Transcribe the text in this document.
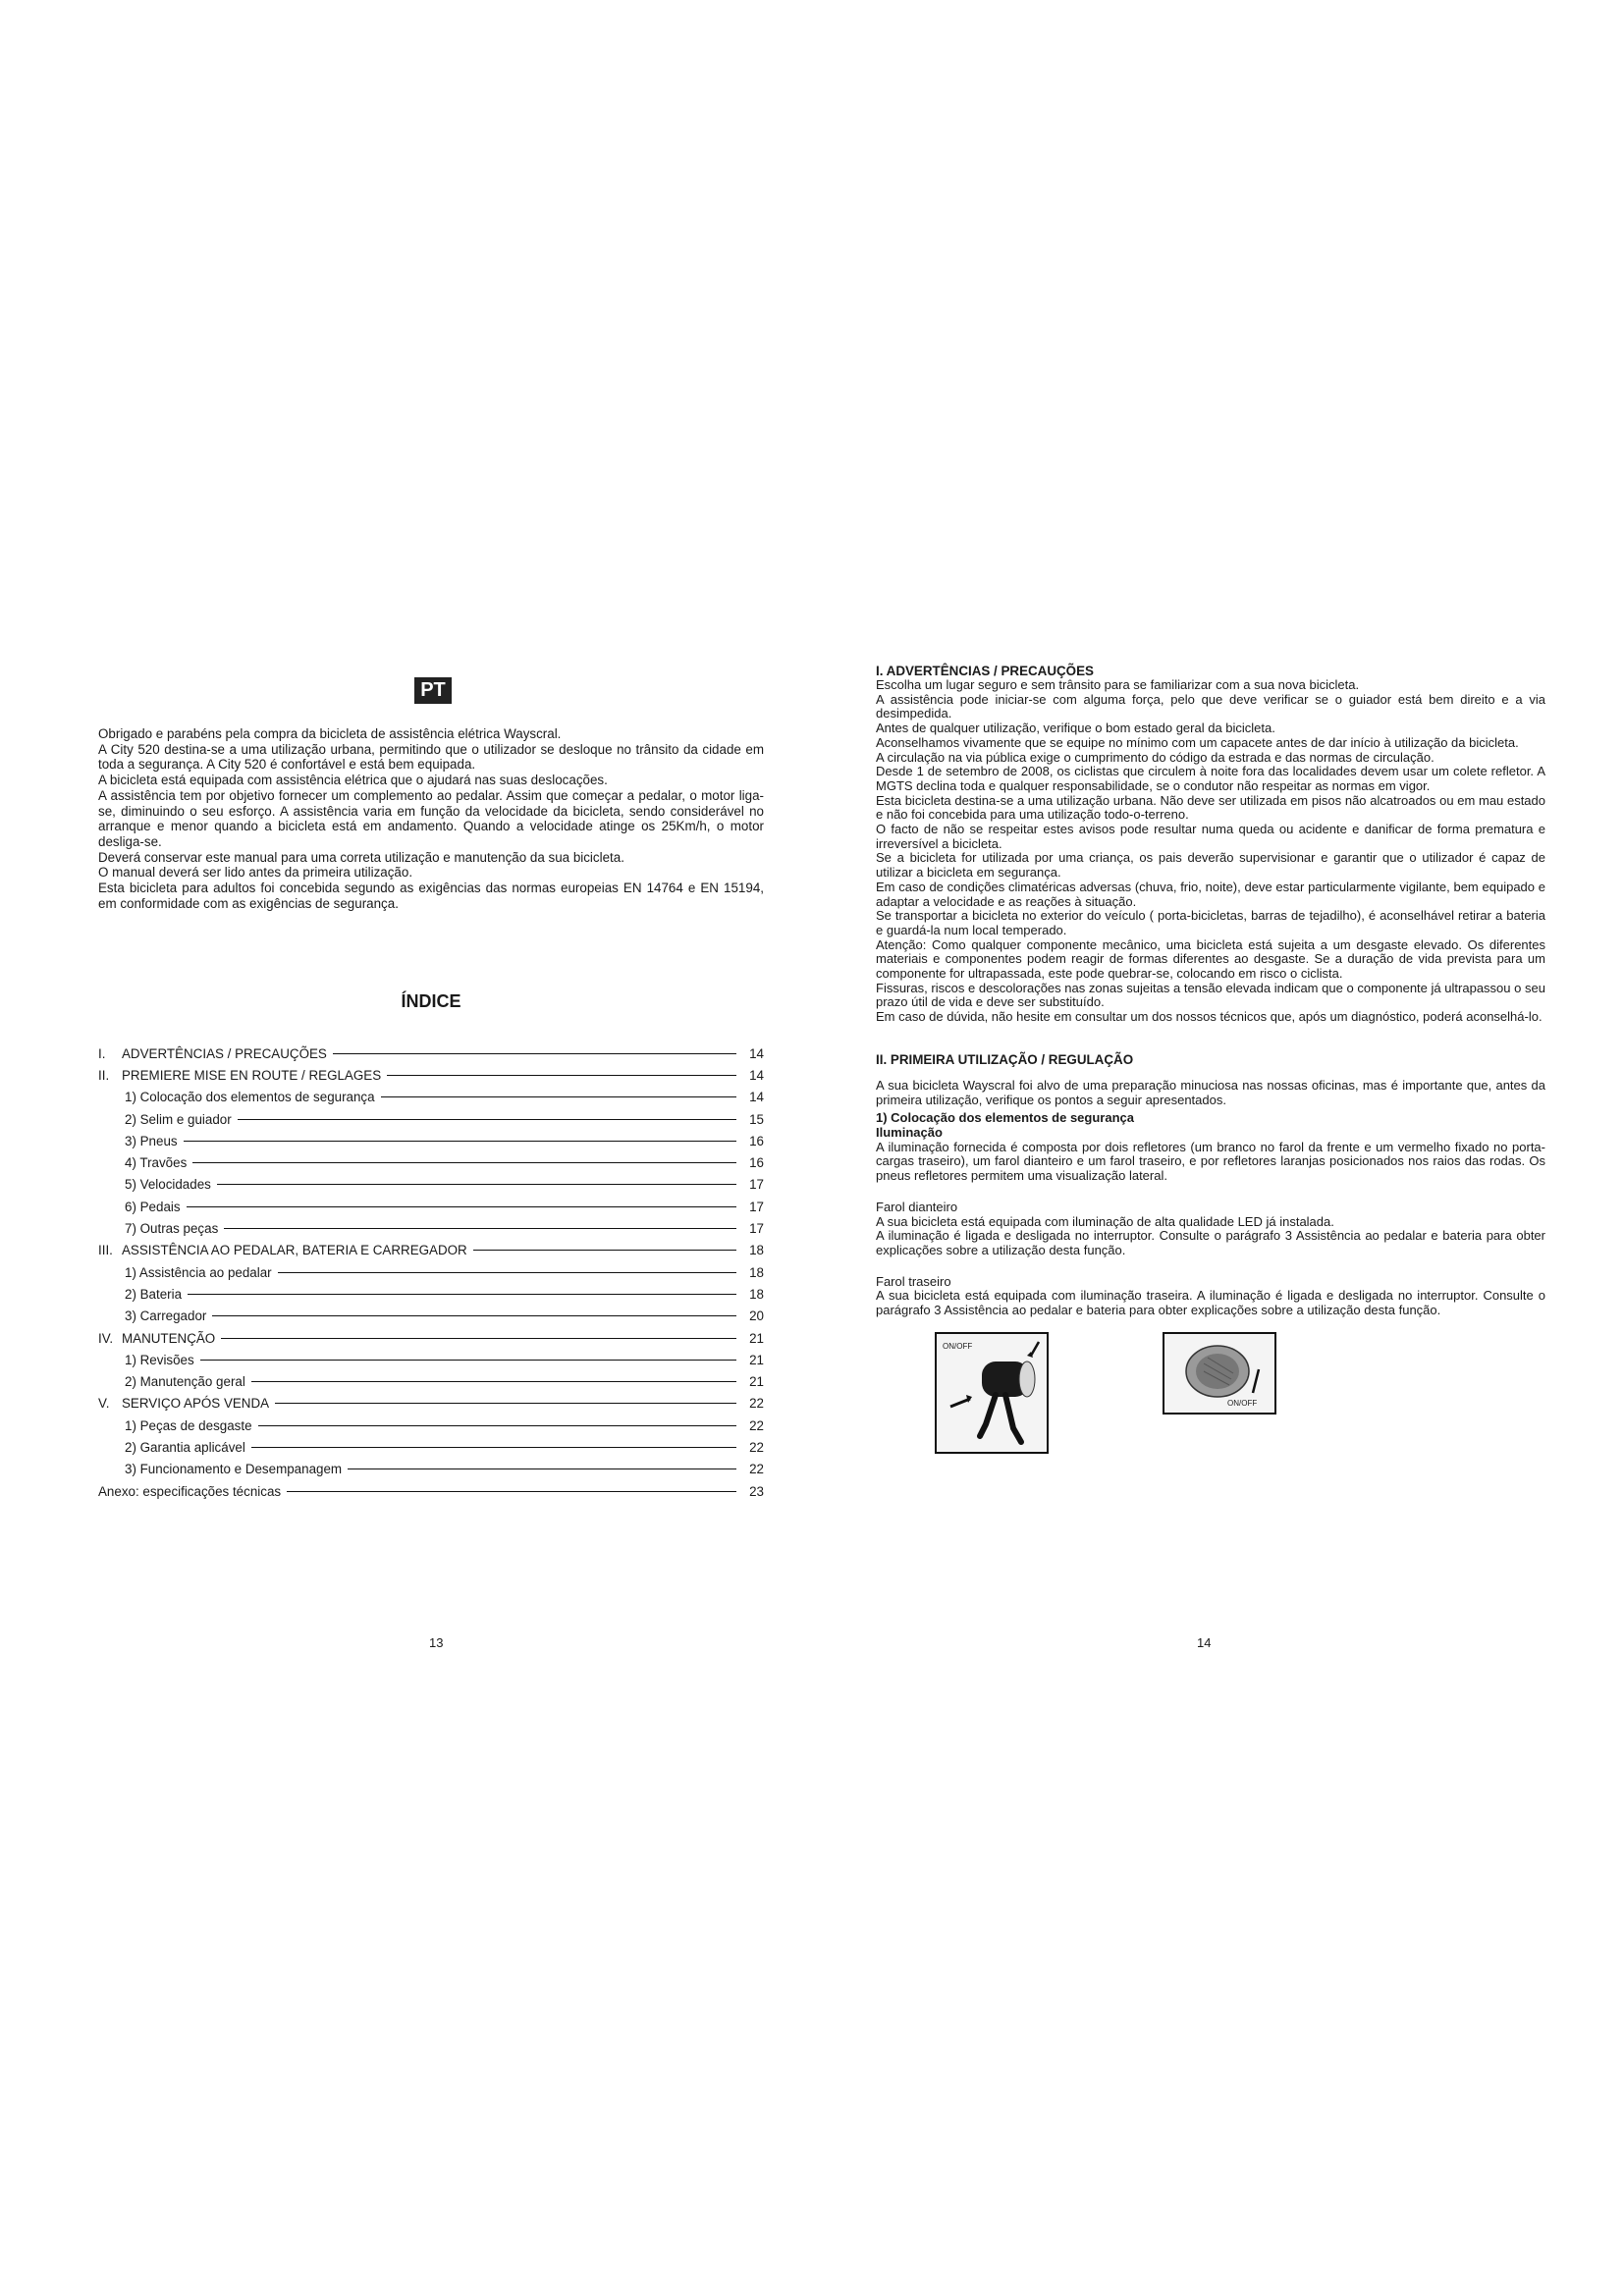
PT

Obrigado e parabéns pela compra da bicicleta de assistência elétrica Wayscral.

A City 520 destina-se a uma utilização urbana, permitindo que o utilizador se desloque no trânsito da cidade em toda a segurança. A City 520 é confortável e está bem equipada.

A bicicleta está equipada com assistência elétrica que o ajudará nas suas deslocações.

A assistência tem por objetivo fornecer um complemento ao pedalar. Assim que começar a pedalar, o motor liga-se, diminuindo o seu esforço. A assistência varia em função da velocidade da bicicleta, sendo considerável no arranque e menor quando a bicicleta está em andamento. Quando a velocidade atinge os 25Km/h, o motor desliga-se.

Deverá conservar este manual para uma correta utilização e manutenção da sua bicicleta.

O manual deverá ser lido antes da primeira utilização.

Esta bicicleta para adultos foi concebida segundo as exigências das normas europeias EN 14764 e EN 15194, em conformidade com as exigências de segurança.

ÍNDICE
I. ADVERTÊNCIAS / PRECAUÇÕES	14
II. PREMIERE MISE EN ROUTE / REGLAGES	14
1) Colocação dos elementos de segurança	14
2) Selim e guiador	15
3) Pneus	16
4) Travões	16
5) Velocidades	17
6) Pedais	17
7) Outras peças	17
III. ASSISTÊNCIA AO PEDALAR, BATERIA E CARREGADOR	18
1) Assistência ao pedalar	18
2) Bateria	18
3) Carregador	20
IV. MANUTENÇÃO	21
1) Revisões	21
2) Manutenção geral	21
V. SERVIÇO APÓS VENDA	22
1) Peças de desgaste	22
2) Garantia aplicável	22
3) Funcionamento e Desempanagem	22
Anexo: especificações técnicas	23
13
I. ADVERTÊNCIAS / PRECAUÇÕES

Escolha um lugar seguro e sem trânsito para se familiarizar com a sua nova bicicleta.

A assistência pode iniciar-se com alguma força, pelo que deve verificar se o guiador está bem direito e a via desimpedida.

Antes de qualquer utilização, verifique o bom estado geral da bicicleta.

Aconselhamos vivamente que se equipe no mínimo com um capacete antes de dar início à utilização da bicicleta.

A circulação na via pública exige o cumprimento do código da estrada e das normas de circulação.

Desde 1 de setembro de 2008, os ciclistas que circulem à noite fora das localidades devem usar um colete refletor. A MGTS declina toda e qualquer responsabilidade, se o condutor não respeitar as normas em vigor.

Esta bicicleta destina-se a uma utilização urbana. Não deve ser utilizada em pisos não alcatroados ou em mau estado e não foi concebida para uma utilização todo-o-terreno.

O facto de não se respeitar estes avisos pode resultar numa queda ou acidente e danificar de forma prematura e irreversível a bicicleta.

Se a bicicleta for utilizada por uma criança, os pais deverão supervisionar e garantir que o utilizador é capaz de utilizar a bicicleta em segurança.

Em caso de condições climatéricas adversas (chuva, frio, noite), deve estar particularmente vigilante, bem equipado e adaptar a velocidade e as reações à situação.

Se transportar a bicicleta no exterior do veículo ( porta-bicicletas, barras de tejadilho), é aconselhável retirar a bateria e guardá-la num local temperado.

Atenção: Como qualquer componente mecânico, uma bicicleta está sujeita a um desgaste elevado. Os diferentes materiais e componentes podem reagir de formas diferentes ao desgaste. Se a duração de vida prevista para um componente for ultrapassada, este pode quebrar-se, colocando em risco o ciclista.

Fissuras, riscos e descolorações nas zonas sujeitas a tensão elevada indicam que o componente já ultrapassou o seu prazo útil de vida e deve ser substituído.

Em caso de dúvida, não hesite em consultar um dos nossos técnicos que, após um diagnóstico, poderá aconselhá-lo.

II. PRIMEIRA UTILIZAÇÃO / REGULAÇÃO
A sua bicicleta Wayscral foi alvo de uma preparação minuciosa nas nossas oficinas, mas é importante que, antes da primeira utilização, verifique os pontos a seguir apresentados.
1) Colocação dos elementos de segurança
Iluminação
A iluminação fornecida é composta por dois refletores (um branco no farol da frente e um vermelho fixado no porta- cargas traseiro), um farol dianteiro e um farol traseiro, e por refletores laranjas posicionados nos raios das rodas. Os pneus refletores permitem uma visualização lateral.
Farol dianteiro

A sua bicicleta está equipada com iluminação de alta qualidade LED já instalada.

A iluminação é ligada e desligada no interruptor. Consulte o parágrafo 3 Assistência ao pedalar e bateria para obter explicações sobre a utilização desta função.

Farol traseiro
A sua bicicleta está equipada com iluminação traseira. A iluminação é ligada e desligada no interruptor. Consulte o parágrafo 3 Assistência ao pedalar e bateria para obter explicações sobre a utilização desta função.
ON/OFF
ON/OFF
14
